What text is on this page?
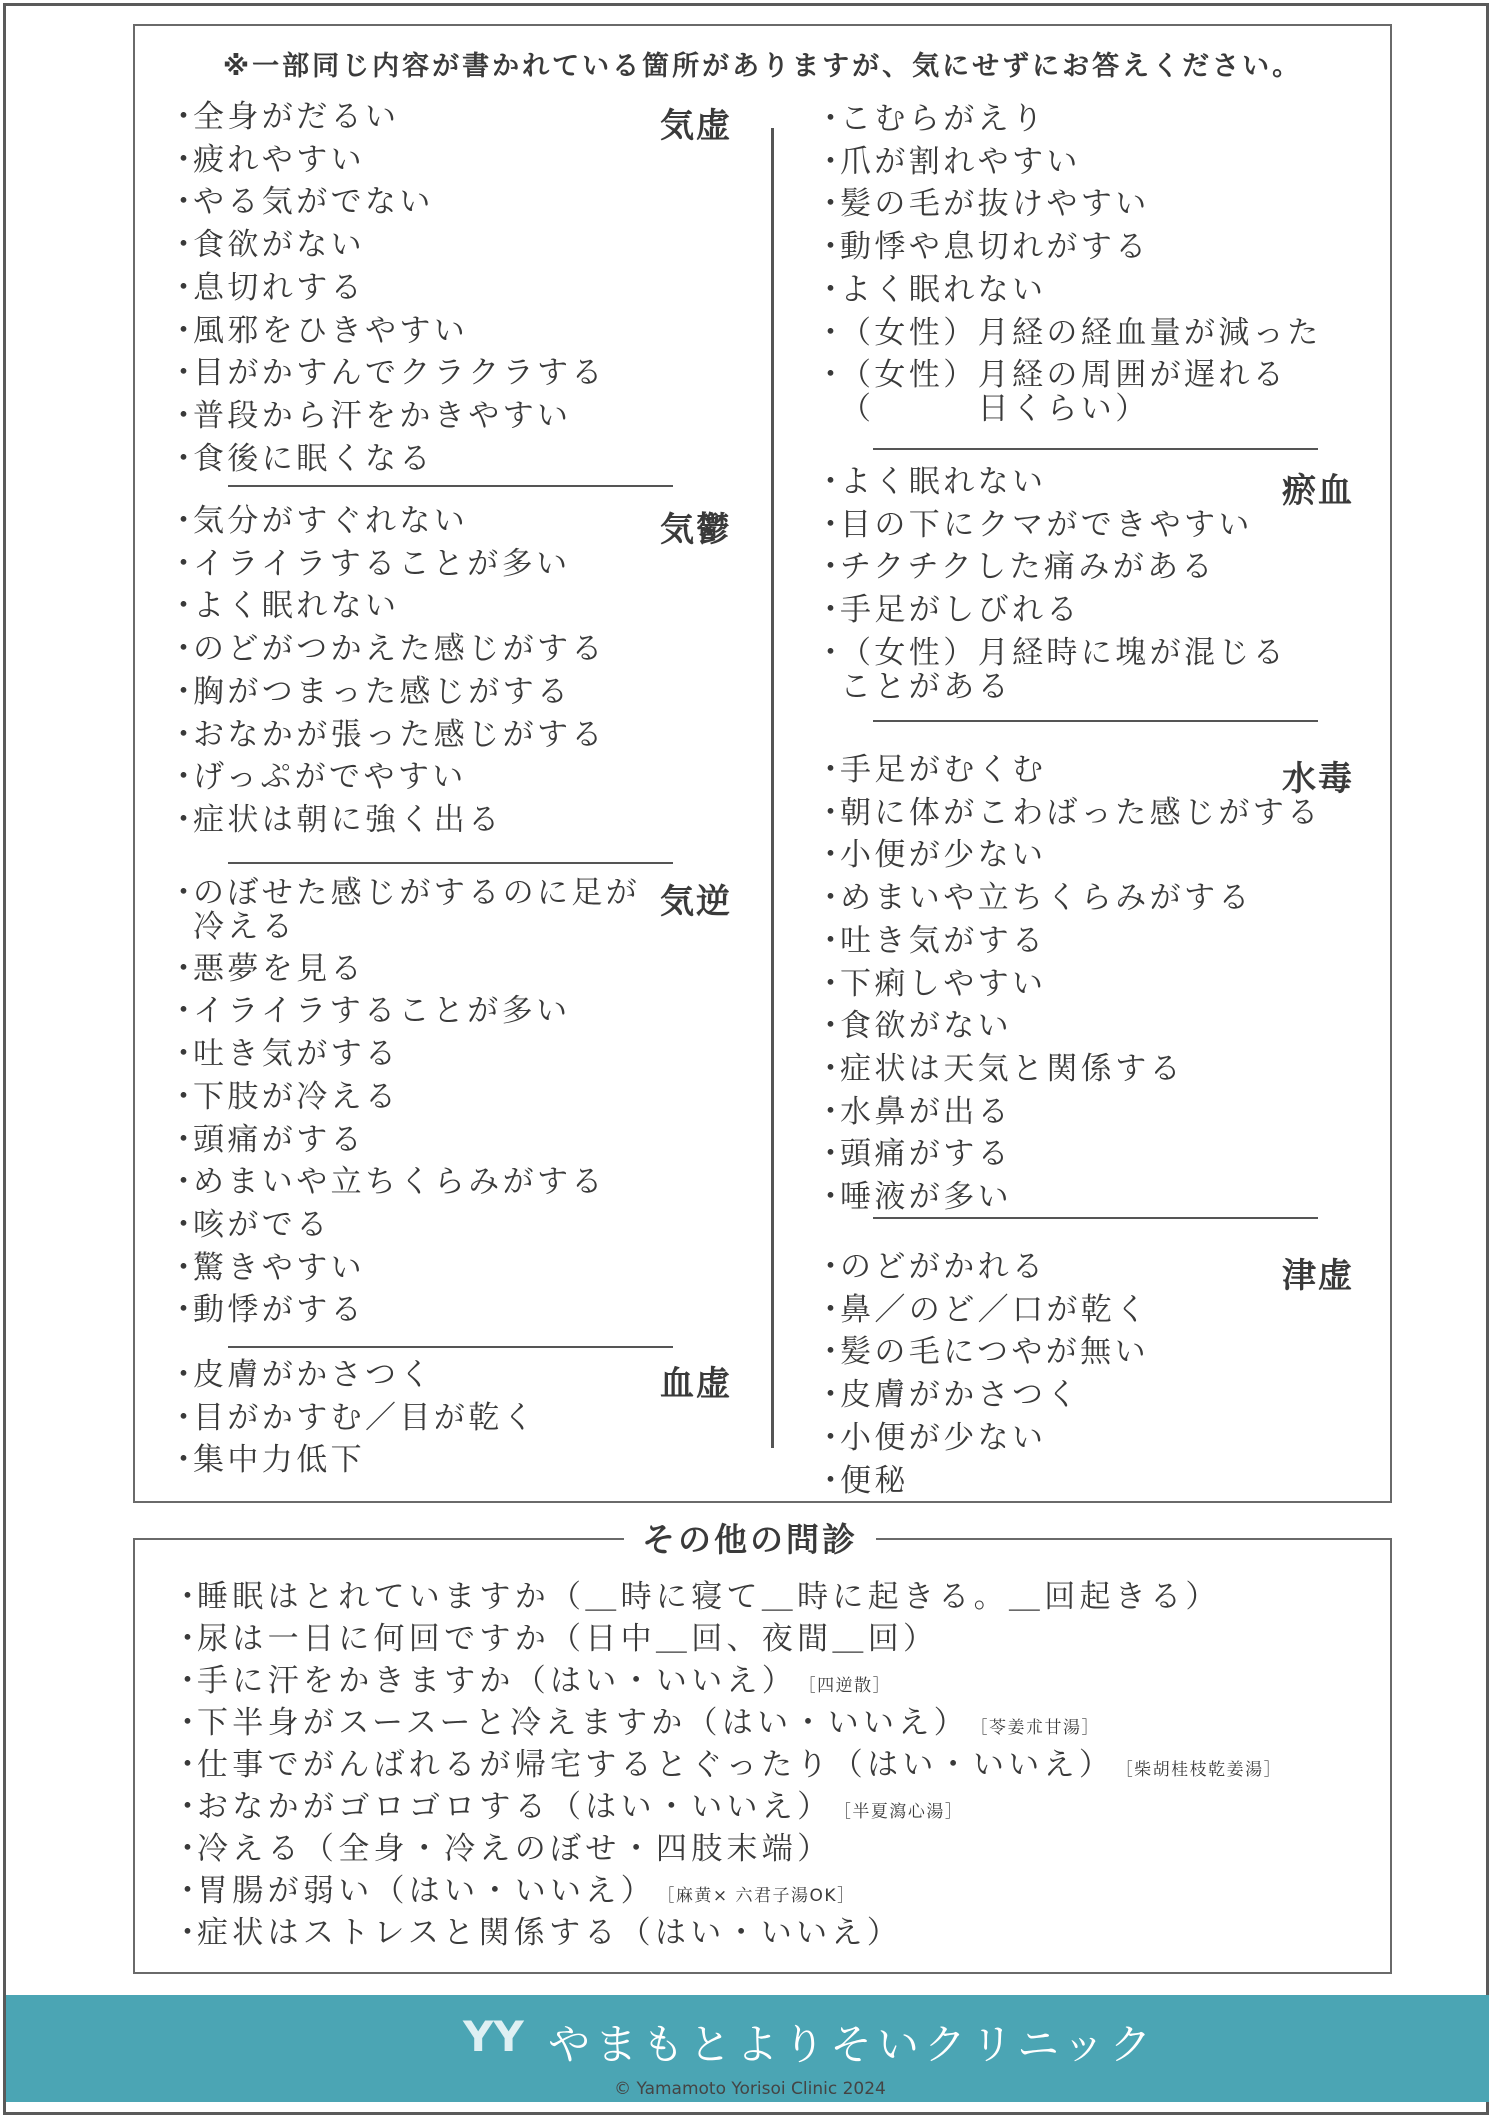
※一部同じ内容が書かれている箇所がありますが、気にせずにお答えください。
気虚
・全身がだるい
・疲れやすい
・やる気がでない
・食欲がない
・息切れする
・風邪をひきやすい
・目がかすんでクラクラする
・普段から汗をかきやすい
・食後に眠くなる
気鬱
・気分がすぐれない
・イライラすることが多い
・よく眠れない
・のどがつかえた感じがする
・胸がつまった感じがする
・おなかが張った感じがする
・げっぷがでやすい
・症状は朝に強く出る
気逆
・のぼせた感じがするのに足が
冷える
・悪夢を見る
・イライラすることが多い
・吐き気がする
・下肢が冷える
・頭痛がする
・めまいや立ちくらみがする
・咳がでる
・驚きやすい
・動悸がする
血虚
・皮膚がかさつく
・目がかすむ／目が乾く
・集中力低下
・こむらがえり
・爪が割れやすい
・髪の毛が抜けやすい
・動悸や息切れがする
・よく眠れない
・（女性）月経の経血量が減った
・（女性）月経の周囲が遅れる
（　　　日くらい）
瘀血
・よく眠れない
・目の下にクマができやすい
・チクチクした痛みがある
・手足がしびれる
・（女性）月経時に塊が混じる
ことがある
水毒
・手足がむくむ
・朝に体がこわばった感じがする
・小便が少ない
・めまいや立ちくらみがする
・吐き気がする
・下痢しやすい
・食欲がない
・症状は天気と関係する
・水鼻が出る
・頭痛がする
・唾液が多い
津虚
・のどがかれる
・鼻／のど／口が乾く
・髪の毛につやが無い
・皮膚がかさつく
・小便が少ない
・便秘
その他の問診
・睡眠はとれていますか（＿時に寝て＿時に起きる。＿回起きる）
・尿は一日に何回ですか（日中＿回、夜間＿回）
・手に汗をかきますか（はい・いいえ） ［四逆散］
・下半身がスースーと冷えますか（はい・いいえ） ［苓姜朮甘湯］
・仕事でがんばれるが帰宅するとぐったり（はい・いいえ） ［柴胡桂枝乾姜湯］
・おなかがゴロゴロする（はい・いいえ） ［半夏瀉心湯］
・冷える（全身・冷えのぼせ・四肢末端）
・胃腸が弱い（はい・いいえ） ［麻黄× 六君子湯OK］
・症状はストレスと関係する（はい・いいえ）
YY やまもとよりそいクリニック
© Yamamoto Yorisoi Clinic 2024
